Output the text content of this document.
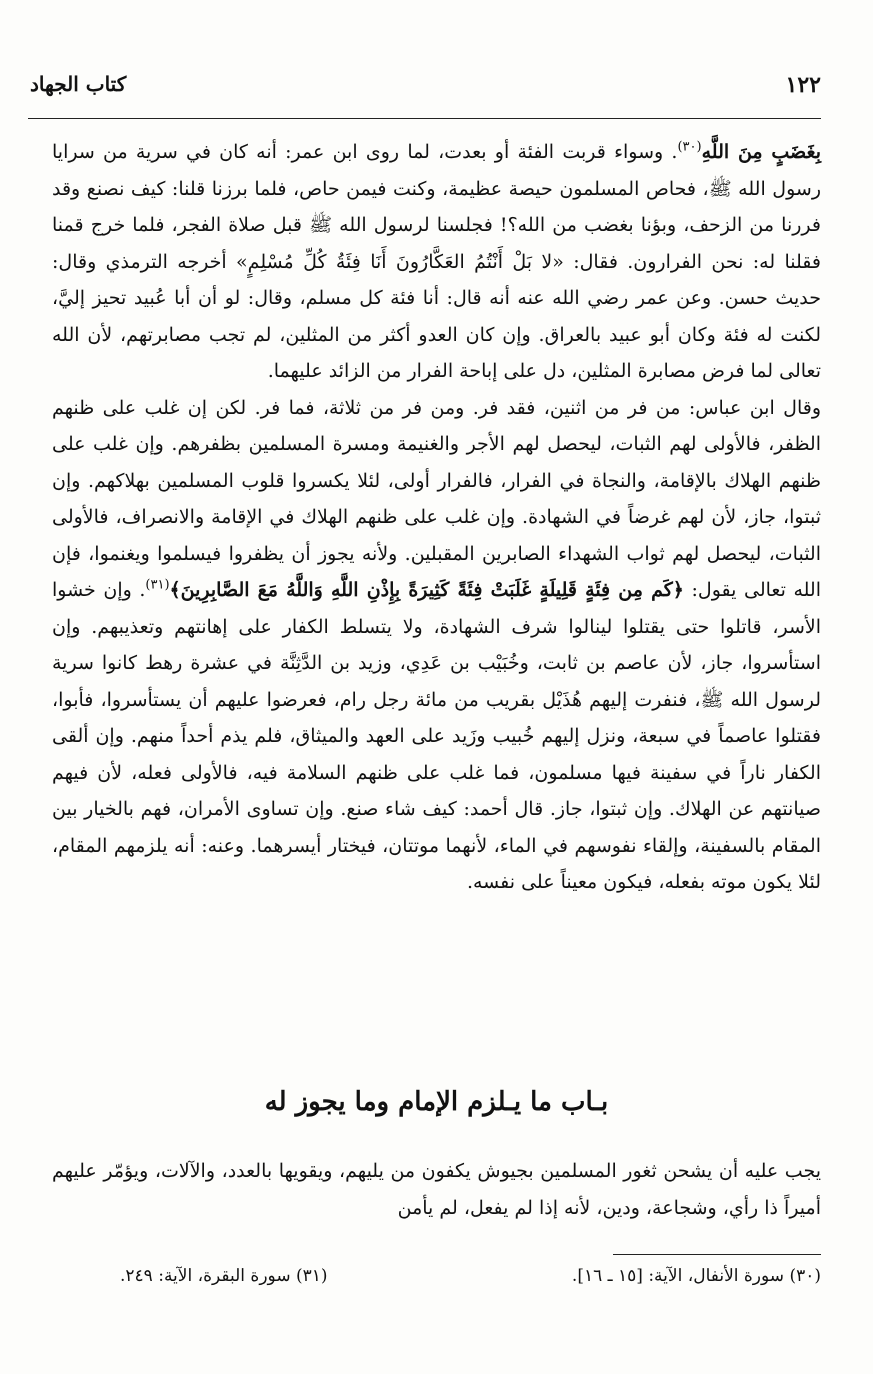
كتاب الجهاد	١٢٢

بِغَضَبٍ مِنَ اللَّهِ$^{(٣٠)}$. وسواء قربت الفئة أو بعدت، لما روى ابن عمر: أنه كان في سرية من سرايا رسول الله ﷺ، فحاص المسلمون حيصة عظيمة، وكنت فيمن حاص، فلما برزنا قلنا: كيف نصنع وقد فررنا من الزحف، وبؤنا بغضب من الله؟! فجلسنا لرسول الله ﷺ قبل صلاة الفجر، فلما خرج قمنا فقلنا له: نحن الفرارون. فقال: «لا بَلْ أَنْتُمُ العَكَّارُونَ أَنَا فِئَةُ كُلِّ مُسْلِمٍ» أخرجه الترمذي وقال: حديث حسن. وعن عمر رضي الله عنه أنه قال: أنا فئة كل مسلم، وقال: لو أن أبا عُبيد تحيز إليَّ، لكنت له فئة وكان أبو عبيد بالعراق. وإن كان العدو أكثر من المثلين، لم تجب مصابرتهم، لأن الله تعالى لما فرض مصابرة المثلين، دل على إباحة الفرار من الزائد عليهما.

وقال ابن عباس: من فر من اثنين، فقد فر. ومن فر من ثلاثة، فما فر. لكن إن غلب على ظنهم الظفر، فالأولى لهم الثبات، ليحصل لهم الأجر والغنيمة ومسرة المسلمين بظفرهم. وإن غلب على ظنهم الهلاك بالإقامة، والنجاة في الفرار، فالفرار أولى، لئلا يكسروا قلوب المسلمين بهلاكهم. وإن ثبتوا، جاز، لأن لهم غرضاً في الشهادة. وإن غلب على ظنهم الهلاك في الإقامة والانصراف، فالأولى الثبات، ليحصل لهم ثواب الشهداء الصابرين المقبلين. ولأنه يجوز أن يظفروا فيسلموا ويغنموا، فإن الله تعالى يقول: ﴿كَم مِن فِئَةٍ قَلِيلَةٍ غَلَبَتْ فِئَةً كَثِيرَةً بِإِذْنِ اللَّهِ وَاللَّهُ مَعَ الصَّابِرِينَ﴾$^{(٣١)}$. وإن خشوا الأسر، قاتلوا حتى يقتلوا لينالوا شرف الشهادة، ولا يتسلط الكفار على إهانتهم وتعذيبهم. وإن استأسروا، جاز، لأن عاصم بن ثابت، وخُبَيْب بن عَدِي، وزيد بن الدَّثِنَّة في عشرة رهط كانوا سرية لرسول الله ﷺ، فنفرت إليهم هُذَيْل بقريب من مائة رجل رام، فعرضوا عليهم أن يستأسروا، فأبوا، فقتلوا عاصماً في سبعة، ونزل إليهم خُبيب وزَيد على العهد والميثاق، فلم يذم أحداً منهم. وإن ألقى الكفار ناراً في سفينة فيها مسلمون، فما غلب على ظنهم السلامة فيه، فالأولى فعله، لأن فيهم صيانتهم عن الهلاك. وإن ثبتوا، جاز. قال أحمد: كيف شاء صنع. وإن تساوى الأمران، فهم بالخيار بين المقام بالسفينة، وإلقاء نفوسهم في الماء، لأنهما موتتان، فيختار أيسرهما. وعنه: أنه يلزمهم المقام، لئلا يكون موته بفعله، فيكون معيناً على نفسه.

بـاب ما يـلزم الإمام وما يجوز له

يجب عليه أن يشحن ثغور المسلمين بجيوش يكفون من يليهم، ويقويها بالعدد، والآلات، ويؤمّر عليهم أميراً ذا رأي، وشجاعة، ودين، لأنه إذا لم يفعل، لم يأمن

(٣٠) سورة الأنفال، الآية: [١٥ ـ ١٦].
(٣١) سورة البقرة، الآية: ٢٤٩.
